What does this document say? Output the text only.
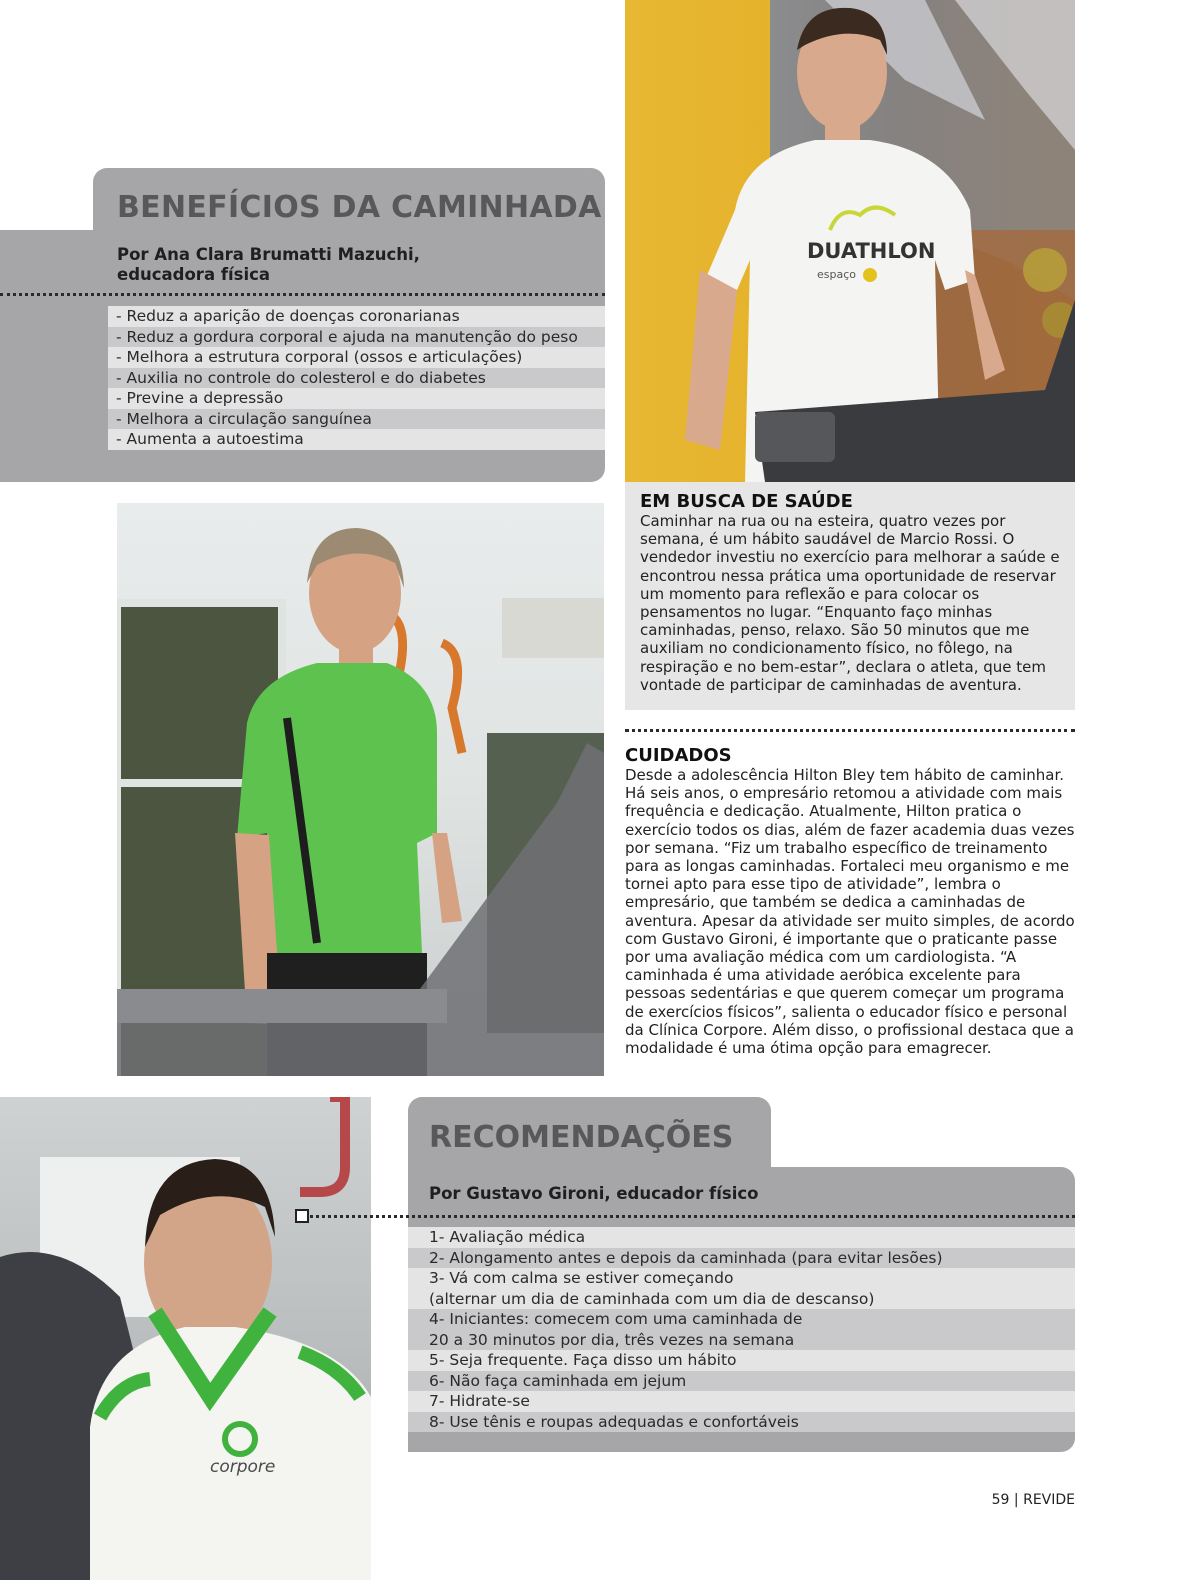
BENEFÍCIOS DA CAMINHADA
Por Ana Clara Brumatti Mazuchi,
educadora física
- Reduz a aparição de doenças coronarianas
- Reduz a gordura corporal e ajuda na manutenção do peso
- Melhora a estrutura corporal (ossos e articulações)
- Auxilia no controle do colesterol e do diabetes
- Previne a depressão
- Melhora a circulação sanguínea
- Aumenta a autoestima
DUATHLON
espaço
EM BUSCA DE SAÚDE
Caminhar na rua ou na esteira, quatro vezes por semana, é um hábito saudável de Marcio Rossi. O vendedor investiu no exercício para melhorar a saúde e encontrou nessa prática uma oportunidade de reservar um momento para reflexão e para colocar os pensamentos no lugar. “Enquanto faço minhas caminhadas, penso, relaxo. São 50 minutos que me auxiliam no condicionamento físico, no fôlego, na respiração e no bem-estar”, declara o atleta, que tem vontade de participar de caminhadas de aventura.
CUIDADOS
Desde a adolescência Hilton Bley tem hábito de caminhar. Há seis anos, o empresário retomou a atividade com mais frequência e dedicação. Atualmente, Hilton pratica o exercício todos os dias, além de fazer academia duas vezes por semana. “Fiz um trabalho específico de treinamento para as longas caminhadas. Fortaleci meu organismo e me tornei apto para esse tipo de atividade”, lembra o empresário, que também se dedica a caminhadas de aventura. Apesar da atividade ser muito simples, de acordo com Gustavo Gironi, é importante que o praticante passe por uma avaliação médica com um cardiologista. “A caminhada é uma atividade aeróbica excelente para pessoas sedentárias e que querem começar um programa de exercícios físicos”, salienta o educador físico e personal da Clínica Corpore. Além disso, o profissional destaca que a modalidade é uma ótima opção para emagrecer.
corpore
RECOMENDAÇÕES
Por Gustavo Gironi, educador físico
1- Avaliação médica
2- Alongamento antes e depois da caminhada (para evitar lesões)
3- Vá com calma se estiver começando
(alternar um dia de caminhada com um dia de descanso)
4- Iniciantes: comecem com uma caminhada de
20 a 30 minutos por dia, três vezes na semana
5- Seja frequente. Faça disso um hábito
6- Não faça caminhada em jejum
7- Hidrate-se
8- Use tênis e roupas adequadas e confortáveis
59 | REVIDE
